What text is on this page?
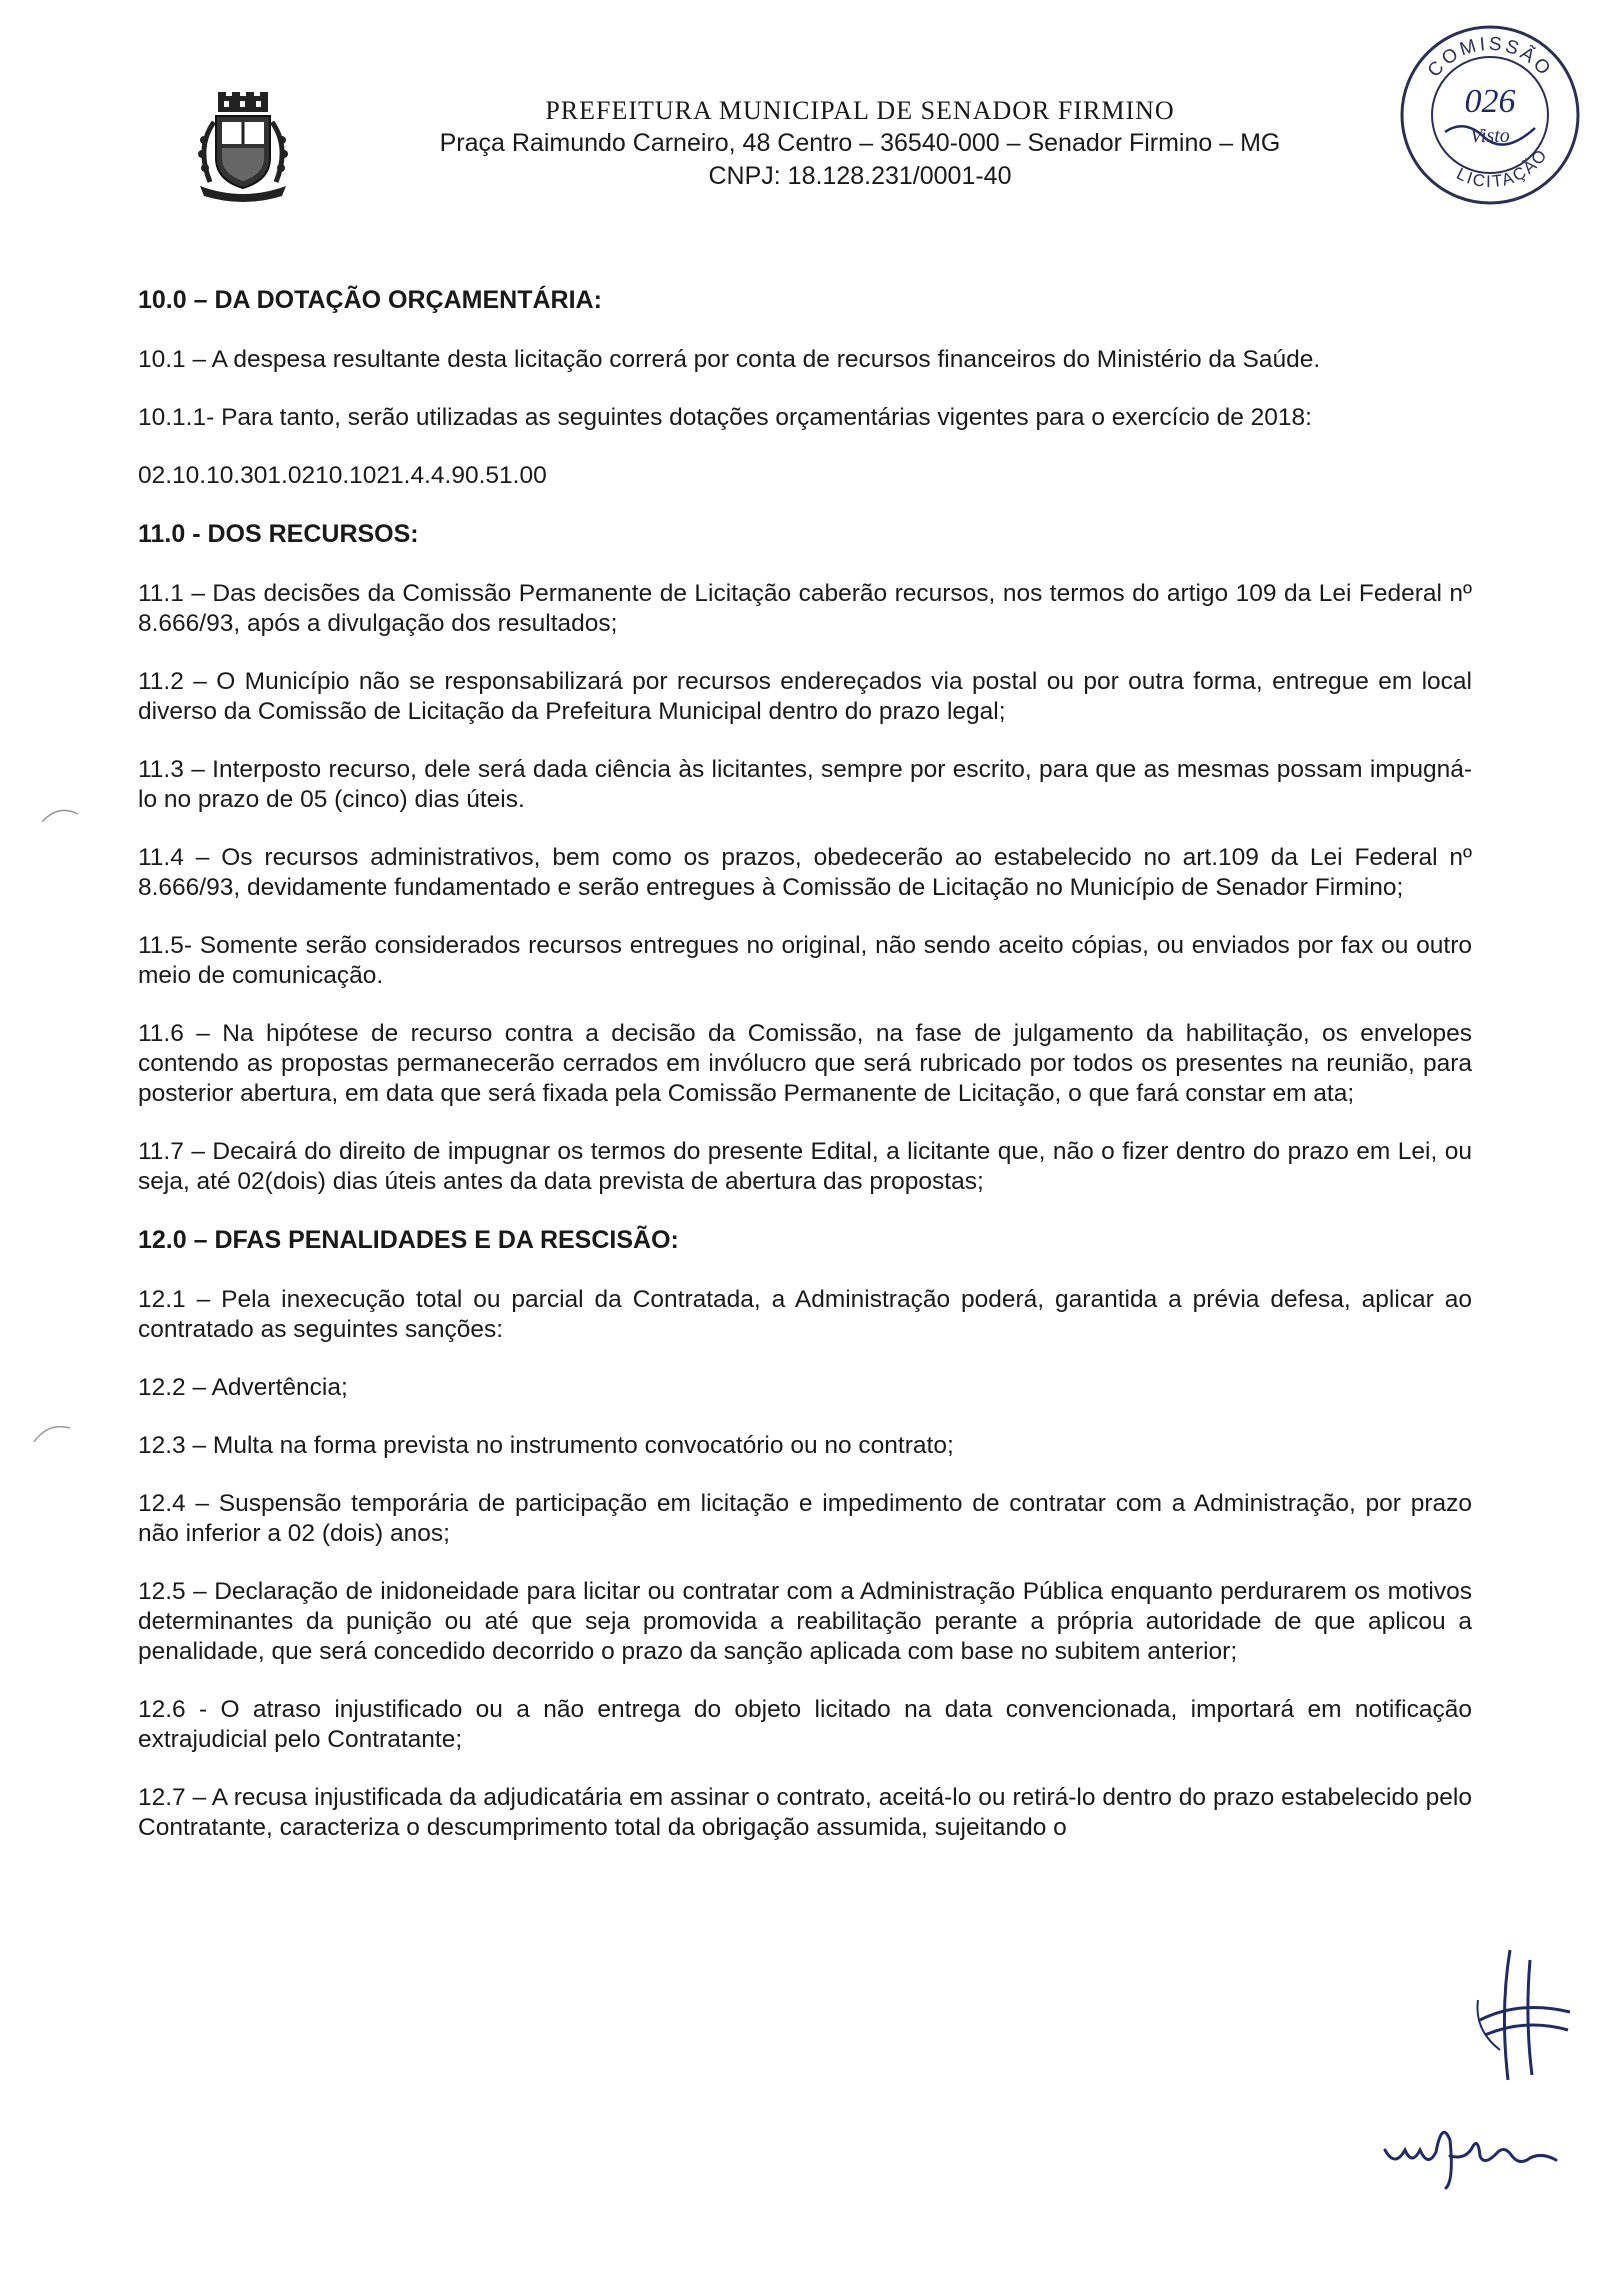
PREFEITURA MUNICIPAL DE SENADOR FIRMINO
Praça Raimundo Carneiro, 48 Centro – 36540-000 – Senador Firmino – MG
CNPJ: 18.128.231/0001-40
COMISSÃO
LICITAÇÃO
026
Visto
10.0 – DA DOTAÇÃO ORÇAMENTÁRIA:

10.1 – A despesa resultante desta licitação correrá por conta de recursos financeiros do Ministério da Saúde.

10.1.1- Para tanto, serão utilizadas as seguintes dotações orçamentárias vigentes para o exercício de 2018:

02.10.10.301.0210.1021.4.4.90.51.00

11.0 - DOS RECURSOS:

11.1 – Das decisões da Comissão Permanente de Licitação caberão recursos, nos termos do artigo 109 da Lei Federal nº 8.666/93, após a divulgação dos resultados;

11.2 – O Município não se responsabilizará por recursos endereçados via postal ou por outra forma, entregue em local diverso da Comissão de Licitação da Prefeitura Municipal dentro do prazo legal;

11.3 – Interposto recurso, dele será dada ciência às licitantes, sempre por escrito, para que as mesmas possam impugná-lo no prazo de 05 (cinco) dias úteis.

11.4 – Os recursos administrativos, bem como os prazos, obedecerão ao estabelecido no art.109 da Lei Federal nº 8.666/93, devidamente fundamentado e serão entregues à Comissão de Licitação no Município de Senador Firmino;

11.5- Somente serão considerados recursos entregues no original, não sendo aceito cópias, ou enviados por fax ou outro meio de comunicação.

11.6 – Na hipótese de recurso contra a decisão da Comissão, na fase de julgamento da habilitação, os envelopes contendo as propostas permanecerão cerrados em invólucro que será rubricado por todos os presentes na reunião, para posterior abertura, em data que será fixada pela Comissão Permanente de Licitação, o que fará constar em ata;

11.7 – Decairá do direito de impugnar os termos do presente Edital, a licitante que, não o fizer dentro do prazo em Lei, ou seja, até 02(dois) dias úteis antes da data prevista de abertura das propostas;

12.0 – DFAS PENALIDADES E DA RESCISÃO:

12.1 – Pela inexecução total ou parcial da Contratada, a Administração poderá, garantida a prévia defesa, aplicar ao contratado as seguintes sanções:

12.2 – Advertência;

12.3 – Multa na forma prevista no instrumento convocatório ou no contrato;

12.4 – Suspensão temporária de participação em licitação e impedimento de contratar com a Administração, por prazo não inferior a 02 (dois) anos;

12.5 – Declaração de inidoneidade para licitar ou contratar com a Administração Pública enquanto perdurarem os motivos determinantes da punição ou até que seja promovida a reabilitação perante a própria autoridade de que aplicou a penalidade, que será concedido decorrido o prazo da sanção aplicada com base no subitem anterior;

12.6 - O atraso injustificado ou a não entrega do objeto licitado na data convencionada, importará em notificação extrajudicial pelo Contratante;

12.7 – A recusa injustificada da adjudicatária em assinar o contrato, aceitá-lo ou retirá-lo dentro do prazo estabelecido pelo Contratante, caracteriza o descumprimento total da obrigação assumida, sujeitando o
